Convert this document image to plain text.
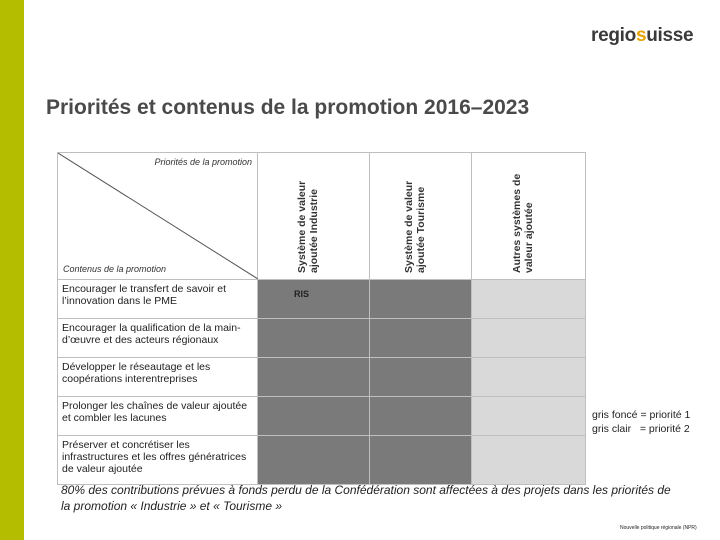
regiosuisse
Priorités et contenus de la promotion 2016–2023
Priorités de la promotion
Contenus de la promotion	Système de valeur ajoutée Industrie	Système de valeur ajoutée Tourisme	Autres systèmes de valeur ajoutée

Encourager le transfert de savoir et l’innovation dans le PME	RIS		
Encourager la qualification de la main-d’œuvre et des acteurs régionaux			
Développer le réseautage et les coopérations interentreprises			
Prolonger les chaînes de valeur ajoutée et combler les lacunes			
Préserver et concrétiser les infrastructures et les offres génératrices de valeur ajoutée			
gris foncé = priorité 1
gris clair   = priorité 2
80% des contributions prévues à fonds perdu de la Confédération sont affectées à des projets dans les priorités de la promotion « Industrie » et « Tourisme »
Nouvelle politique régionale (NPR)
